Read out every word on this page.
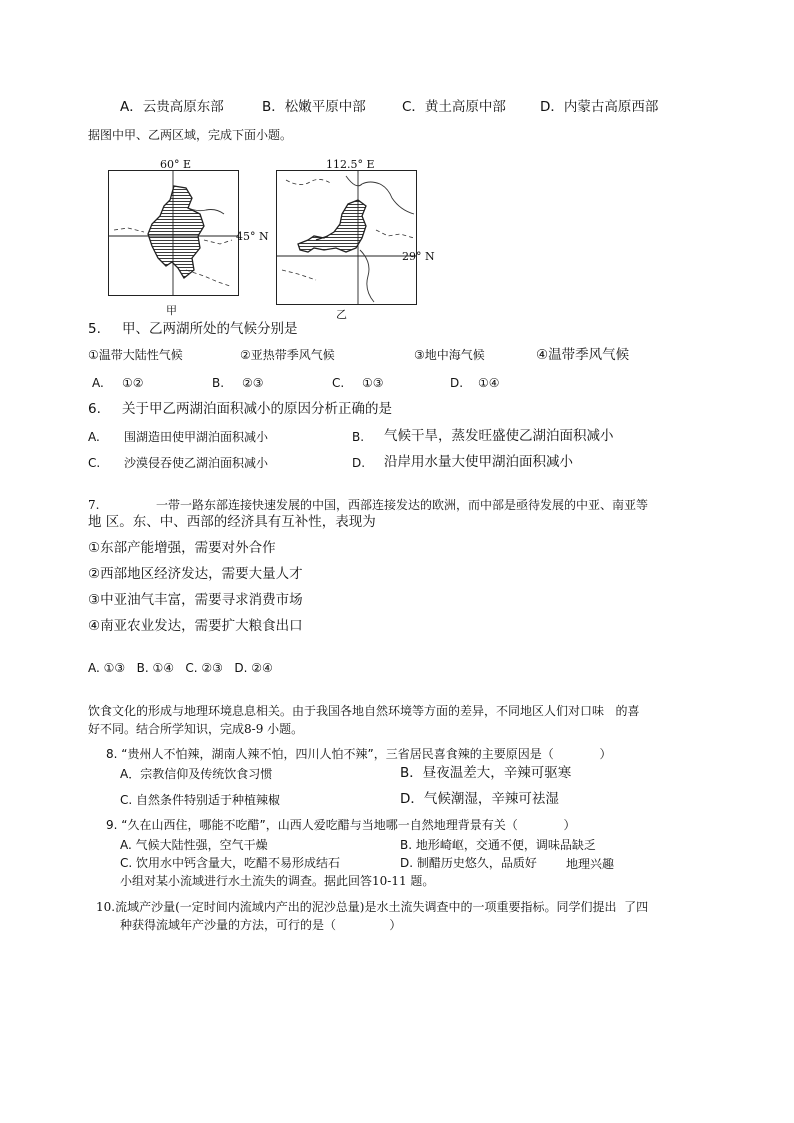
A．云贵高原东部	B．松嫩平原中部	C．黄土高原中部	D．内蒙古高原西部
据图中甲、乙两区域，完成下面小题。
60° E
45° N
甲
112.5° E
29° N
乙
5. 甲、乙两湖所处的气候分别是
①温带大陆性气候	②亚热带季风气候	③地中海气候	④温带季风气候
A. ①②	B. ②③	C. ①③	D. ①④
6. 关于甲乙两湖泊面积减小的原因分析正确的是
A. 围湖造田使甲湖泊面积减小	B. 气候干旱，蒸发旺盛使乙湖泊面积减小
C. 沙漠侵吞使乙湖泊面积减小	D. 沿岸用水量大使甲湖泊面积减小
7.	一带一路东部连接快速发展的中国，西部连接发达的欧洲，而中部是亟待发展的中亚、南亚等
地 区。东、中、西部的经济具有互补性，表现为
①东部产能增强，需要对外合作
②西部地区经济发达，需要大量人才
③中亚油气丰富，需要寻求消费市场
④南亚农业发达，需要扩大粮食出口
A. ①③   B. ①④   C. ②③   D. ②④
饮食文化的形成与地理环境息息相关。由于我国各地自然环境等方面的差异，不同地区人们对口味   的喜
好不同。结合所学知识，完成8-9 小题。
8. “贵州人不怕辣，湖南人辣不怕，四川人怕不辣”，三省居民喜食辣的主要原因是（            ）
A．宗教信仰及传统饮食习惯	B．昼夜温差大，辛辣可驱寒
C. 自然条件特别适于种植辣椒	D．气候潮湿，辛辣可祛湿
9. “久在山西住，哪能不吃醋”，山西人爱吃醋与当地哪一自然地理背景有关（            ）
A. 气候大陆性强，空气干燥	B. 地形崎岖，交通不便，调味品缺乏
C. 饮用水中钙含量大，吃醋不易形成结石	D. 制醋历史悠久，品质好 地理兴趣
小组对某小流域进行水土流失的调查。据此回答10-11 题。
10.流域产沙量(一定时间内流域内产出的泥沙总量)是水土流失调查中的一项重要指标。同学们提出  了四
种获得流域年产沙量的方法，可行的是（              ）
